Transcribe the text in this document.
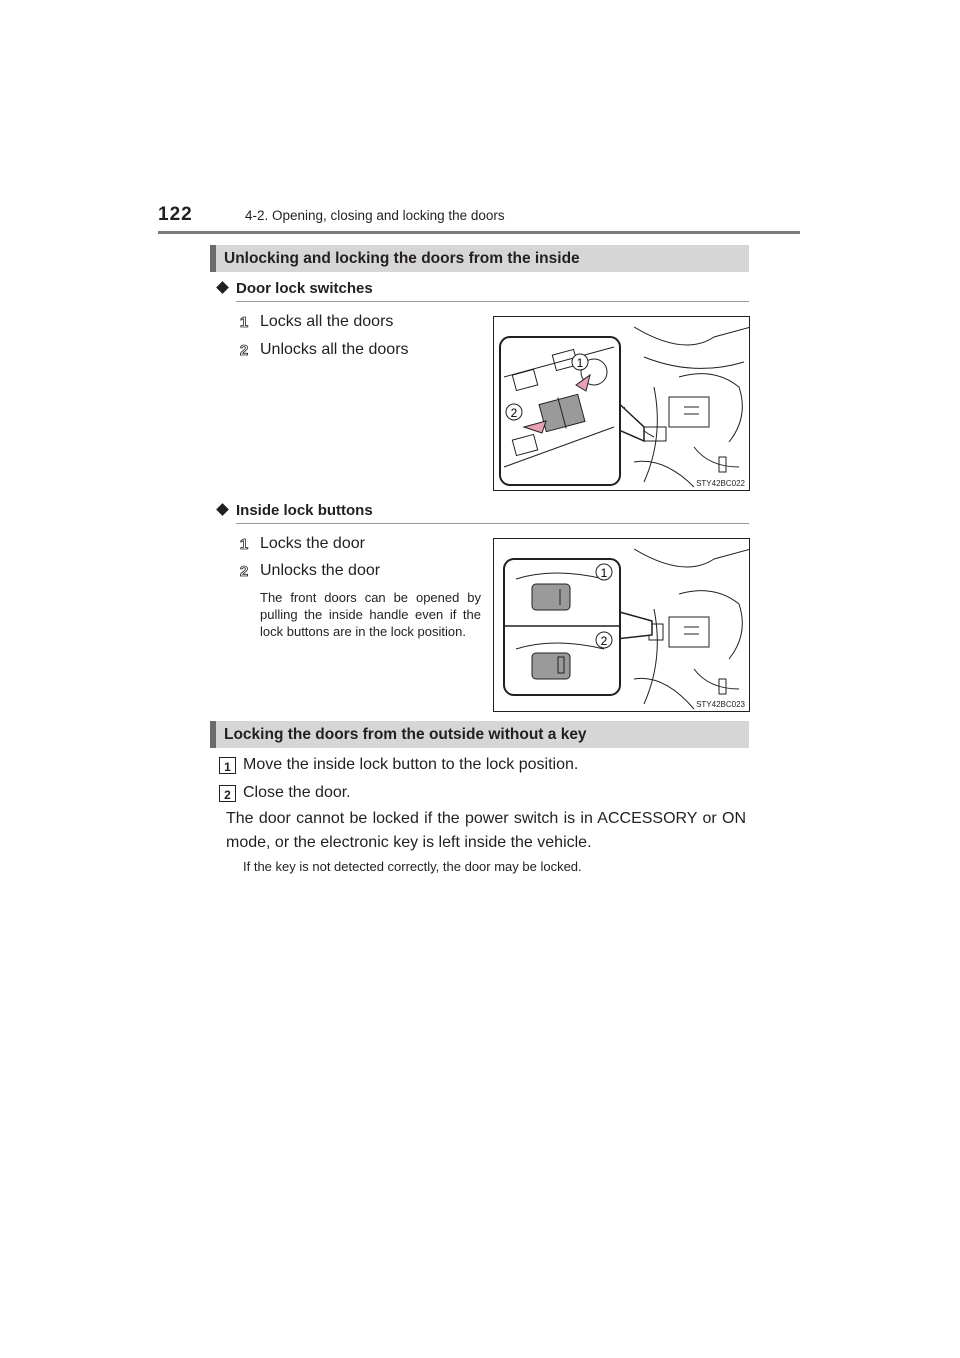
122	4-2. Opening, closing and locking the doors
Unlocking and locking the doors from the inside
Door lock switches
1 Locks all the doors
2 Unlocks all the doors
1
2
STY42BC022
Inside lock buttons
1 Locks the door
2 Unlocks the door
The front doors can be opened by pulling the inside handle even if the lock buttons are in the lock position.
1
2
STY42BC023
Locking the doors from the outside without a key
1 Move the inside lock button to the lock position.
2 Close the door.
The door cannot be locked if the power switch is in ACCESSORY or ON mode, or the electronic key is left inside the vehicle.
If the key is not detected correctly, the door may be locked.
